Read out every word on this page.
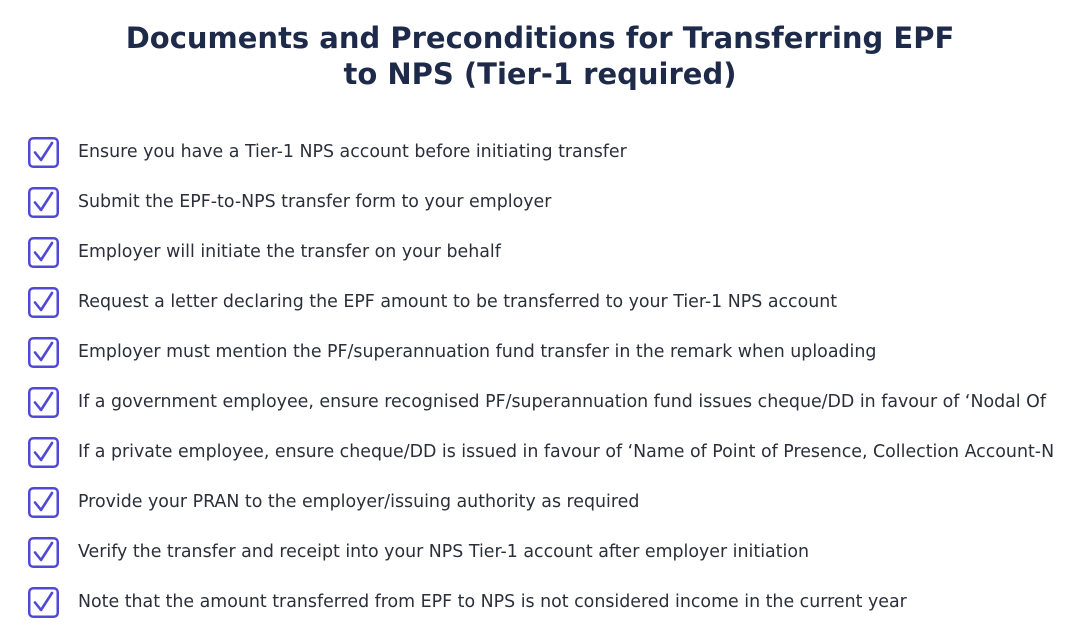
Documents and Preconditions for Transferring EPF
to NPS (Tier-1 required)
Ensure you have a Tier-1 NPS account before initiating transfer
Submit the EPF-to-NPS transfer form to your employer
Employer will initiate the transfer on your behalf
Request a letter declaring the EPF amount to be transferred to your Tier-1 NPS account
Employer must mention the PF/superannuation fund transfer in the remark when uploading
If a government employee, ensure recognised PF/superannuation fund issues cheque/DD in favour of ‘Nodal Of
If a private employee, ensure cheque/DD is issued in favour of ‘Name of Point of Presence, Collection Account-N
Provide your PRAN to the employer/issuing authority as required
Verify the transfer and receipt into your NPS Tier-1 account after employer initiation
Note that the amount transferred from EPF to NPS is not considered income in the current year
